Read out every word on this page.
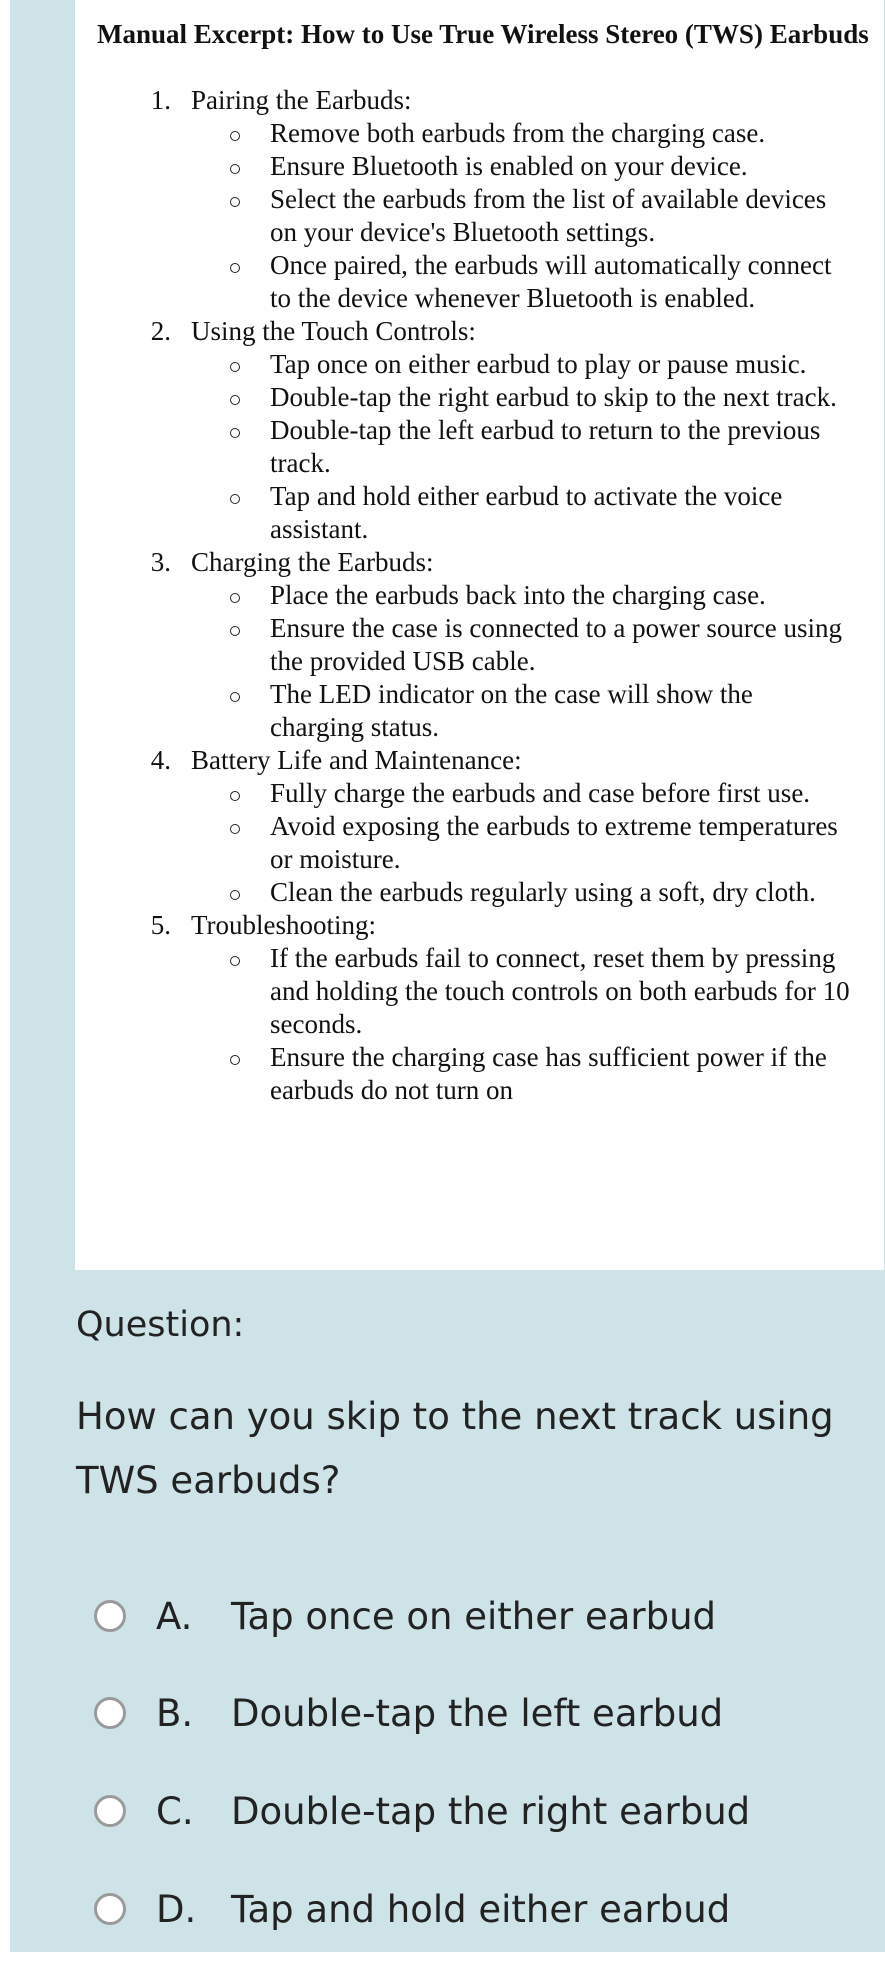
Manual Excerpt: How to Use True Wireless Stereo (TWS) Earbuds
1. Pairing the Earbuds:
Remove both earbuds from the charging case.
Ensure Bluetooth is enabled on your device.
Select the earbuds from the list of available devices on your device's Bluetooth settings.
Once paired, the earbuds will automatically connect to the device whenever Bluetooth is enabled.
2. Using the Touch Controls:
Tap once on either earbud to play or pause music.
Double-tap the right earbud to skip to the next track.
Double-tap the left earbud to return to the previous track.
Tap and hold either earbud to activate the voice assistant.
3. Charging the Earbuds:
Place the earbuds back into the charging case.
Ensure the case is connected to a power source using the provided USB cable.
The LED indicator on the case will show the charging status.
4. Battery Life and Maintenance:
Fully charge the earbuds and case before first use.
Avoid exposing the earbuds to extreme temperatures or moisture.
Clean the earbuds regularly using a soft, dry cloth.
5. Troubleshooting:
If the earbuds fail to connect, reset them by pressing and holding the touch controls on both earbuds for 10 seconds.
Ensure the charging case has sufficient power if the earbuds do not turn on
Question:
How can you skip to the next track using TWS earbuds?
A.	Tap once on either earbud
B.	Double-tap the left earbud
C.	Double-tap the right earbud
D. Tap and hold either earbud
